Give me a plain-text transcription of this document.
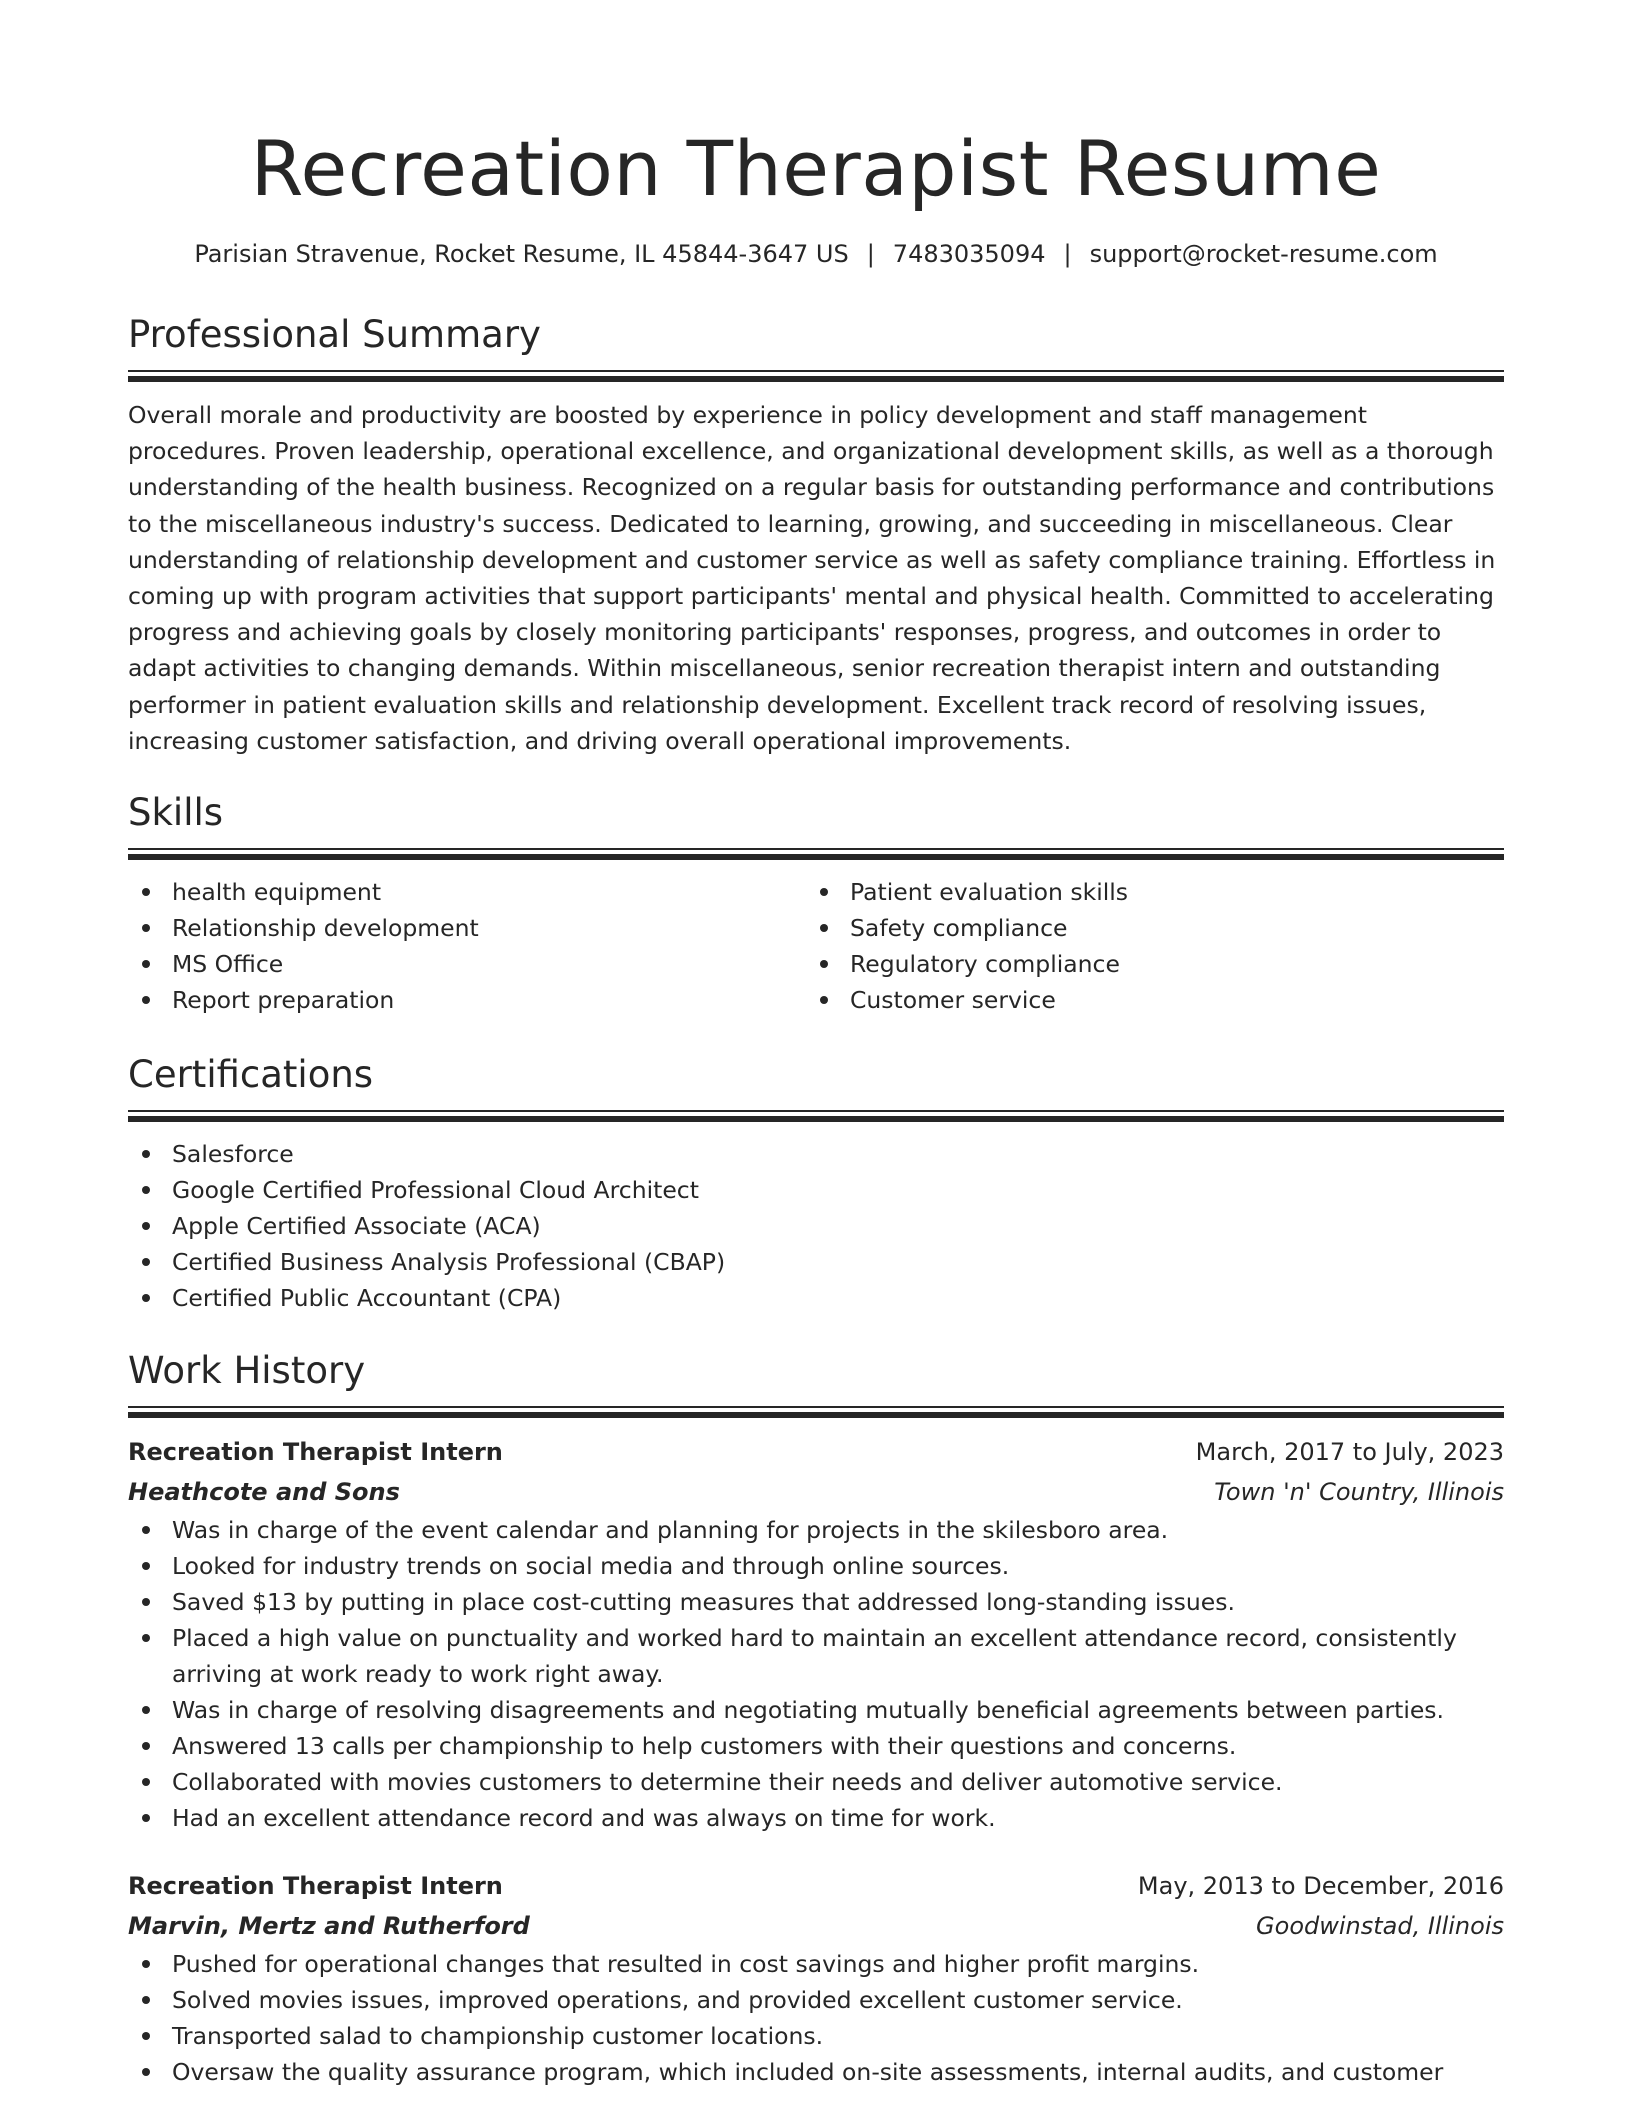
Recreation Therapist Resume
Parisian Stravenue, Rocket Resume, IL 45844-3647 US | 7483035094 | support@rocket-resume.com
Professional Summary
Overall morale and productivity are boosted by experience in policy development and staff management procedures. Proven leadership, operational excellence, and organizational development skills, as well as a thorough understanding of the health business. Recognized on a regular basis for outstanding performance and contributions to the miscellaneous industry's success. Dedicated to learning, growing, and succeeding in miscellaneous. Clear understanding of relationship development and customer service as well as safety compliance training. Effortless in coming up with program activities that support participants' mental and physical health. Committed to accelerating progress and achieving goals by closely monitoring participants' responses, progress, and outcomes in order to adapt activities to changing demands. Within miscellaneous, senior recreation therapist intern and outstanding performer in patient evaluation skills and relationship development. Excellent track record of resolving issues, increasing customer satisfaction, and driving overall operational improvements.
Skills
health equipment
Relationship development
MS Office
Report preparation
Patient evaluation skills
Safety compliance
Regulatory compliance
Customer service
Certifications
Salesforce
Google Certified Professional Cloud Architect
Apple Certified Associate (ACA)
Certified Business Analysis Professional (CBAP)
Certified Public Accountant (CPA)
Work History
Recreation Therapist Intern	March, 2017 to July, 2023
Heathcote and Sons	Town 'n' Country, Illinois
Was in charge of the event calendar and planning for projects in the skilesboro area.
Looked for industry trends on social media and through online sources.
Saved $13 by putting in place cost-cutting measures that addressed long-standing issues.
Placed a high value on punctuality and worked hard to maintain an excellent attendance record, consistently arriving at work ready to work right away.
Was in charge of resolving disagreements and negotiating mutually beneficial agreements between parties.
Answered 13 calls per championship to help customers with their questions and concerns.
Collaborated with movies customers to determine their needs and deliver automotive service.
Had an excellent attendance record and was always on time for work.
Recreation Therapist Intern	May, 2013 to December, 2016
Marvin, Mertz and Rutherford	Goodwinstad, Illinois
Pushed for operational changes that resulted in cost savings and higher profit margins.
Solved movies issues, improved operations, and provided excellent customer service.
Transported salad to championship customer locations.
Oversaw the quality assurance program, which included on-site assessments, internal audits, and customer
